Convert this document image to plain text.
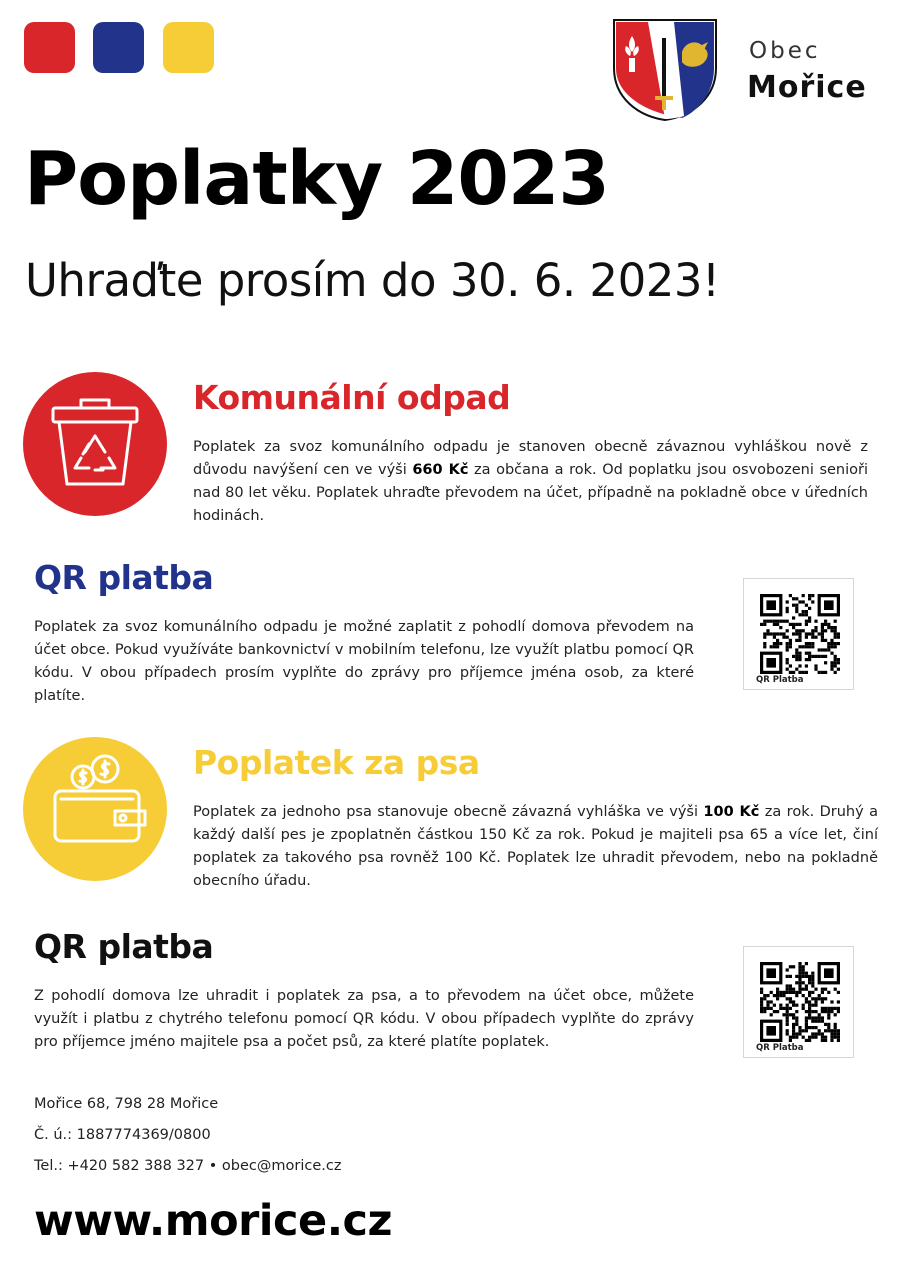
Obec
Mořice
Poplatky 2023
Uhraďte prosím do 30. 6. 2023!
Komunální odpad
Poplatek za svoz komunálního odpadu je stanoven obecně závaznou vyhláškou nově z důvodu navýšení cen ve výši 660 Kč za občana a rok. Od poplatku jsou osvobozeni senioři nad 80 let věku. Poplatek uhraďte převodem na účet, případně na pokladně obce v úředních hodinách.
QR platba
Poplatek za svoz komunálního odpadu je možné zaplatit z pohodlí domova převodem na účet obce. Pokud využíváte bankovnictví v mobilním telefonu, lze využít platbu pomocí QR kódu. V obou případech prosím vyplňte do zprávy pro příjemce jména osob, za které platíte.
QR Platba
Poplatek za psa
Poplatek za jednoho psa stanovuje obecně závazná vyhláška ve výši 100 Kč za rok. Druhý a každý další pes je zpoplatněn částkou 150 Kč za rok. Pokud je majiteli psa 65 a více let, činí poplatek za takového psa rovněž 100 Kč. Poplatek lze uhradit převodem, nebo na pokladně obecního úřadu.
QR platba
Z pohodlí domova lze uhradit i poplatek za psa, a to převodem na účet obce, můžete využít i platbu z chytrého telefonu pomocí QR kódu. V obou případech vyplňte do zprávy pro příjemce jméno majitele psa a počet psů, za které platíte poplatek.	QR Platba
Mořice 68, 798 28 Mořice
Č. ú.: 1887774369/0800
Tel.: +420 582 388 327 • obec@morice.cz
www.morice.cz
